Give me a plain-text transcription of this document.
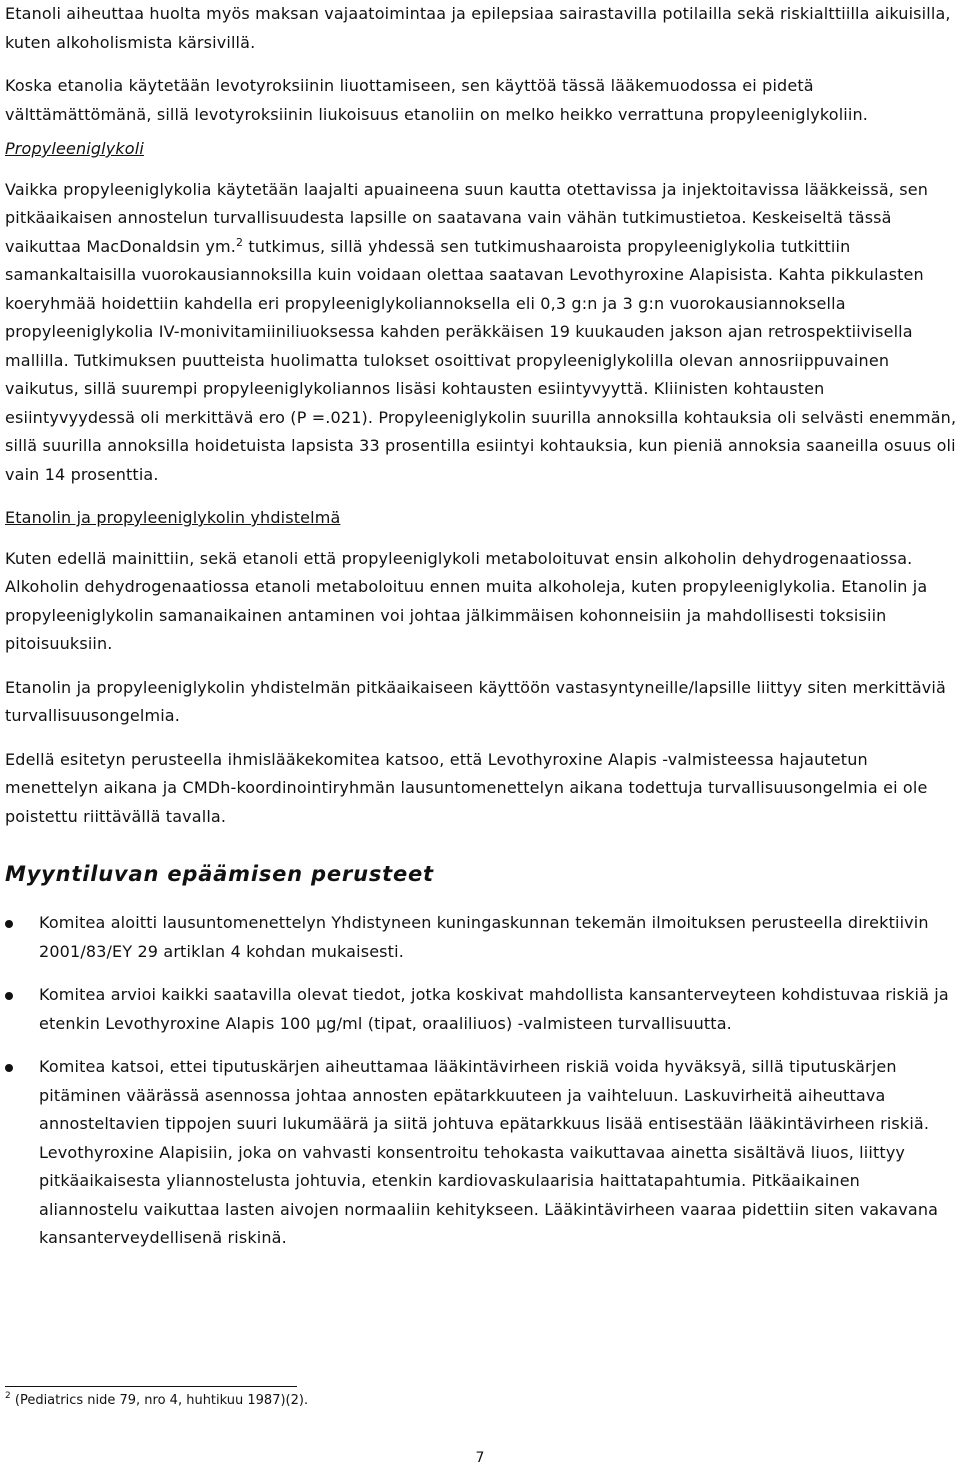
Etanoli aiheuttaa huolta myös maksan vajaatoimintaa ja epilepsiaa sairastavilla potilailla sekä riskialttiilla aikuisilla, kuten alkoholismista kärsivillä.

Koska etanolia käytetään levotyroksiinin liuottamiseen, sen käyttöä tässä lääkemuodossa ei pidetä välttämättömänä, sillä levotyroksiinin liukoisuus etanoliin on melko heikko verrattuna propyleeniglykoliin.

Propyleeniglykoli

Vaikka propyleeniglykolia käytetään laajalti apuaineena suun kautta otettavissa ja injektoitavissa lääkkeissä, sen pitkäaikaisen annostelun turvallisuudesta lapsille on saatavana vain vähän tutkimustietoa. Keskeiseltä tässä vaikuttaa MacDonaldsin ym.$^2$ tutkimus, sillä yhdessä sen tutkimushaaroista propyleeniglykolia tutkittiin samankaltaisilla vuorokausiannoksilla kuin voidaan olettaa saatavan Levothyroxine Alapisista. Kahta pikkulasten koeryhmää hoidettiin kahdella eri propyleeniglykoliannoksella eli 0,3 g:n ja 3 g:n vuorokausiannoksella propyleeniglykolia IV-monivitamiiniliuoksessa kahden peräkkäisen 19 kuukauden jakson ajan retrospektiivisella mallilla. Tutkimuksen puutteista huolimatta tulokset osoittivat propyleeniglykolilla olevan annosriippuvainen vaikutus, sillä suurempi propyleeniglykoliannos lisäsi kohtausten esiintyvyyttä. Kliinisten kohtausten esiintyvyydessä oli merkittävä ero (P =.021). Propyleeniglykolin suurilla annoksilla kohtauksia oli selvästi enemmän, sillä suurilla annoksilla hoidetuista lapsista 33 prosentilla esiintyi kohtauksia, kun pieniä annoksia saaneilla osuus oli vain 14 prosenttia.

Etanolin ja propyleeniglykolin yhdistelmä

Kuten edellä mainittiin, sekä etanoli että propyleeniglykoli metaboloituvat ensin alkoholin dehydrogenaatiossa. Alkoholin dehydrogenaatiossa etanoli metaboloituu ennen muita alkoholeja, kuten propyleeniglykolia. Etanolin ja propyleeniglykolin samanaikainen antaminen voi johtaa jälkimmäisen kohonneisiin ja mahdollisesti toksisiin pitoisuuksiin.

Etanolin ja propyleeniglykolin yhdistelmän pitkäaikaiseen käyttöön vastasyntyneille/lapsille liittyy siten merkittäviä turvallisuusongelmia.

Edellä esitetyn perusteella ihmislääkekomitea katsoo, että Levothyroxine Alapis -valmisteessa hajautetun menettelyn aikana ja CMDh-koordinointiryhmän lausuntomenettelyn aikana todettuja turvallisuusongelmia ei ole poistettu riittävällä tavalla.

Myyntiluvan epäämisen perusteet
Komitea aloitti lausuntomenettelyn Yhdistyneen kuningaskunnan tekemän ilmoituksen perusteella direktiivin 2001/83/EY 29 artiklan 4 kohdan mukaisesti.
Komitea arvioi kaikki saatavilla olevat tiedot, jotka koskivat mahdollista kansanterveyteen kohdistuvaa riskiä ja etenkin Levothyroxine Alapis 100 µg/ml (tipat, oraaliliuos) -valmisteen turvallisuutta.
Komitea katsoi, ettei tiputuskärjen aiheuttamaa lääkintävirheen riskiä voida hyväksyä, sillä tiputuskärjen pitäminen väärässä asennossa johtaa annosten epätarkkuuteen ja vaihteluun. Laskuvirheitä aiheuttava annosteltavien tippojen suuri lukumäärä ja siitä johtuva epätarkkuus lisää entisestään lääkintävirheen riskiä. Levothyroxine Alapisiin, joka on vahvasti konsentroitu tehokasta vaikuttavaa ainetta sisältävä liuos, liittyy pitkäaikaisesta yliannostelusta johtuvia, etenkin kardiovaskulaarisia haittatapahtumia. Pitkäaikainen aliannostelu vaikuttaa lasten aivojen normaaliin kehitykseen. Lääkintävirheen vaaraa pidettiin siten vakavana kansanterveydellisenä riskinä.

$^2$ (Pediatrics nide 79, nro 4, huhtikuu 1987)(2).

7
